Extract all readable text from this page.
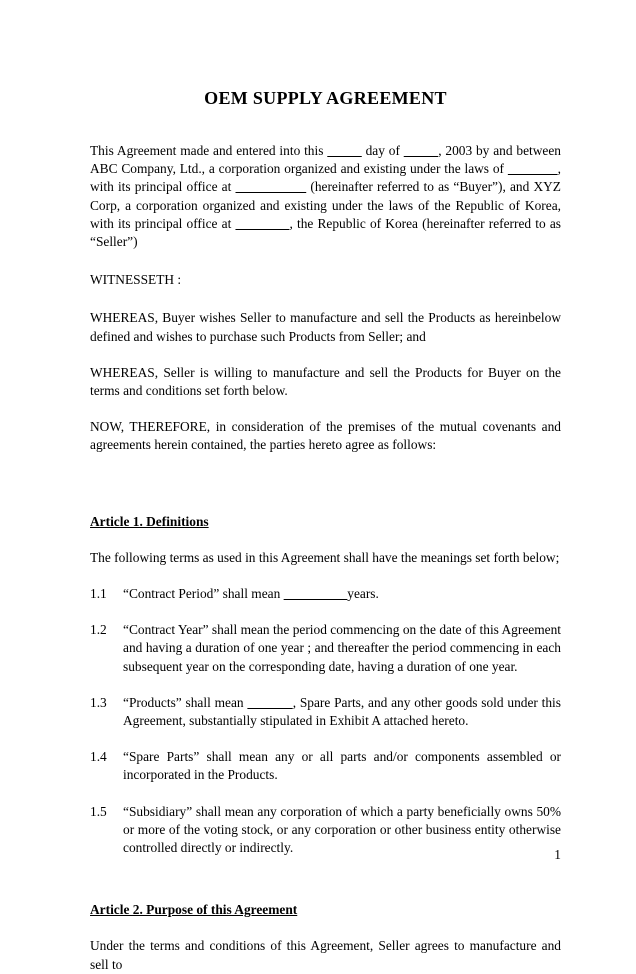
OEM SUPPLY AGREEMENT

This Agreement made and entered into this	day of	, 2003 by and between ABC Company, Ltd., a corporation organized and existing under the laws of	, with its principal office at	(hereinafter referred to as “Buyer”), and XYZ Corp, a corporation organized and existing under the laws of the Republic of Korea, with its principal office at	, the Republic of Korea (hereinafter referred to as “Seller”)

WITNESSETH :

WHEREAS, Buyer wishes Seller to manufacture and sell the Products as hereinbelow defined and wishes to purchase such Products from Seller; and

WHEREAS, Seller is willing to manufacture and sell the Products for Buyer on the terms and conditions set forth below.

NOW, THEREFORE, in consideration of the premises of the mutual covenants and agreements herein contained, the parties hereto agree as follows:

Article 1. Definitions

The following terms as used in this Agreement shall have the meanings set forth below;

1.1 “Contract Period” shall mean	years.

1.2 “Contract Year” shall mean the period commencing on the date of this Agreement and having a duration of one year ; and thereafter the period commencing in each subsequent year on the corresponding date, having a duration of one year.

1.3 “Products” shall mean	, Spare Parts, and any other goods sold under this Agreement, substantially stipulated in Exhibit A attached hereto.

1.4 “Spare Parts” shall mean any or all parts and/or components assembled or incorporated in the Products.

1.5 “Subsidiary” shall mean any corporation of which a party beneficially owns 50% or more of the voting stock, or any corporation or other business entity otherwise controlled directly or indirectly.

Article 2. Purpose of this Agreement

Under the terms and conditions of this Agreement, Seller agrees to manufacture and sell to

1
